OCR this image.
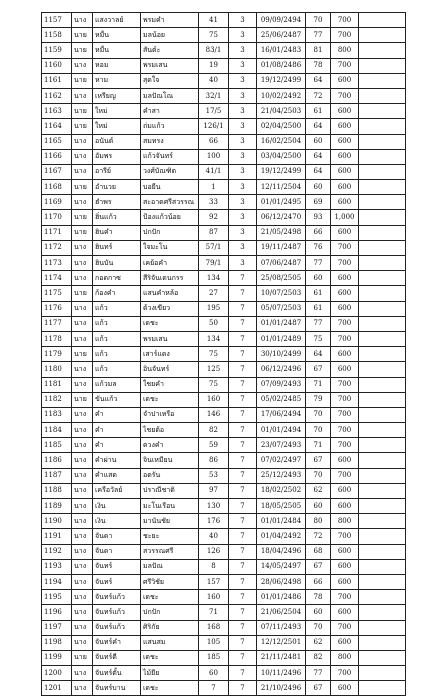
1157	นาง	แสงวาลย์	พรมคำ	41	3	09/09/2494	70	700	
1158	นาย	หมื่น	มลน้อย	75	3	25/06/2487	77	700	
1159	นาย	หมื่น	สันต์ะ	83/1	3	16/01/2483	81	800	
1160	นาง	หอม	พรมเสน	19	3	01/08/2486	78	700	
1161	นาย	หาม	สุดใจ	40	3	19/12/2499	64	600	
1162	นาง	เหรียญ	มลปัณโณ	32/1	3	10/02/2492	72	700	
1163	นาย	ใหม่	คำสา	17/5	3	21/04/2503	61	600	
1164	นาย	ใหม่	ถ่มแก้ว	126/1	3	02/04/2500	64	600	
1165	นาง	อนันต์	สมทรง	66	3	16/02/2504	60	600	
1166	นาง	อัมพร	แก้วจันทร์	100	3	03/04/2500	64	600	
1167	นาง	อารีย์	วงศ์บัณฑิต	41/1	3	19/12/2499	64	600	
1168	นาย	อำนวย	บอยืน	1	3	12/11/2504	60	600	
1169	นาง	ฮำพร	สะอาดศรีสวรรณ	33	3	01/01/2495	69	600	
1170	นาย	ฮิ่นแก้ว	ป้องแก้วน้อย	92	3	06/12/2470	93	1,000	
1171	นาย	ฮินคำ	ปกปัก	87	3	21/05/2498	66	600	
1172	นาง	ฮินทร์	ใจมะโน	57/1	3	19/11/2487	76	700	
1173	นาง	ฮินบัน	เคย้อคำ	79/1	3	07/06/2487	77	700	
1174	นาง	กอดกาซ	สีริจันเดนกรร	134	7	25/08/2505	60	600	
1175	นาย	ก้องคำ	แสนคำหล้อ	27	7	10/07/2503	61	600	
1176	นาง	แก้ว	ด้วงเขียว	195	7	05/07/2503	61	600	
1177	นาง	แก้ว	เดชะ	50	7	01/01/2487	77	700	
1178	นาง	แก้ว	พรมเสน	134	7	01/01/2489	75	700	
1179	นาย	แก้ว	เสาร์แดง	75	7	30/10/2499	64	600	
1180	นาง	แก้ว	อินจันทร์	125	7	06/12/2496	67	600	
1181	นาง	แก้วมล	ใชยคำ	75	7	07/09/2493	71	700	
1182	นาย	ขันแก้ว	เดชะ	160	7	05/02/2485	79	700	
1183	นาง	คำ	จำปาเหรือ	146	7	17/06/2494	70	700	
1184	นาง	คำ	ไชยต้อ	82	7	01/01/2494	70	700	
1185	นาง	คำ	ดวงคำ	59	7	23/07/2493	71	700	
1186	นาง	คำผ่าน	จินเหมียน	86	7	07/02/2497	67	600	
1187	นาง	คำแสด	อดรัน	53	7	25/12/2493	70	700	
1188	นาง	เครือวัลย์	ปราณีชาติ	97	7	18/02/2502	62	600	
1189	นาง	เงิน	มะโนเรือน	130	7	18/05/2505	60	600	
1190	นาง	เงิน	มานันชัย	176	7	01/01/2484	80	800	
1191	นาง	จันดา	ชะยะ	40	7	01/04/2492	72	700	
1192	นาง	จันดา	สวรรณศรี	126	7	18/04/2496	68	600	
1193	นาง	จันทร์	มลปัณ	8	7	14/05/2497	67	600	
1194	นาง	จันทร์	ศรีวิชัย	157	7	28/06/2498	66	600	
1195	นาง	จันทร์แก้ว	เดชะ	160	7	01/01/2486	78	700	
1196	นาง	จันทร์แก้ว	ปกปัก	71	7	21/06/2504	60	600	
1197	นาง	จันทร์แก้ว	ศิริกัย	168	7	07/11/2493	70	700	
1198	นาง	จันทร์คำ	แสนสม	105	7	12/12/2501	62	600	
1199	นาย	จันทร์ตี	เดชะ	185	7	21/11/2481	82	800	
1200	นาง	จันทร์ตั้น	ไม้ยีย	60	7	10/11/2496	77	700	
1201	นาง	จันทร์บาน	เดชะ	7	7	21/10/2496	67	600	
